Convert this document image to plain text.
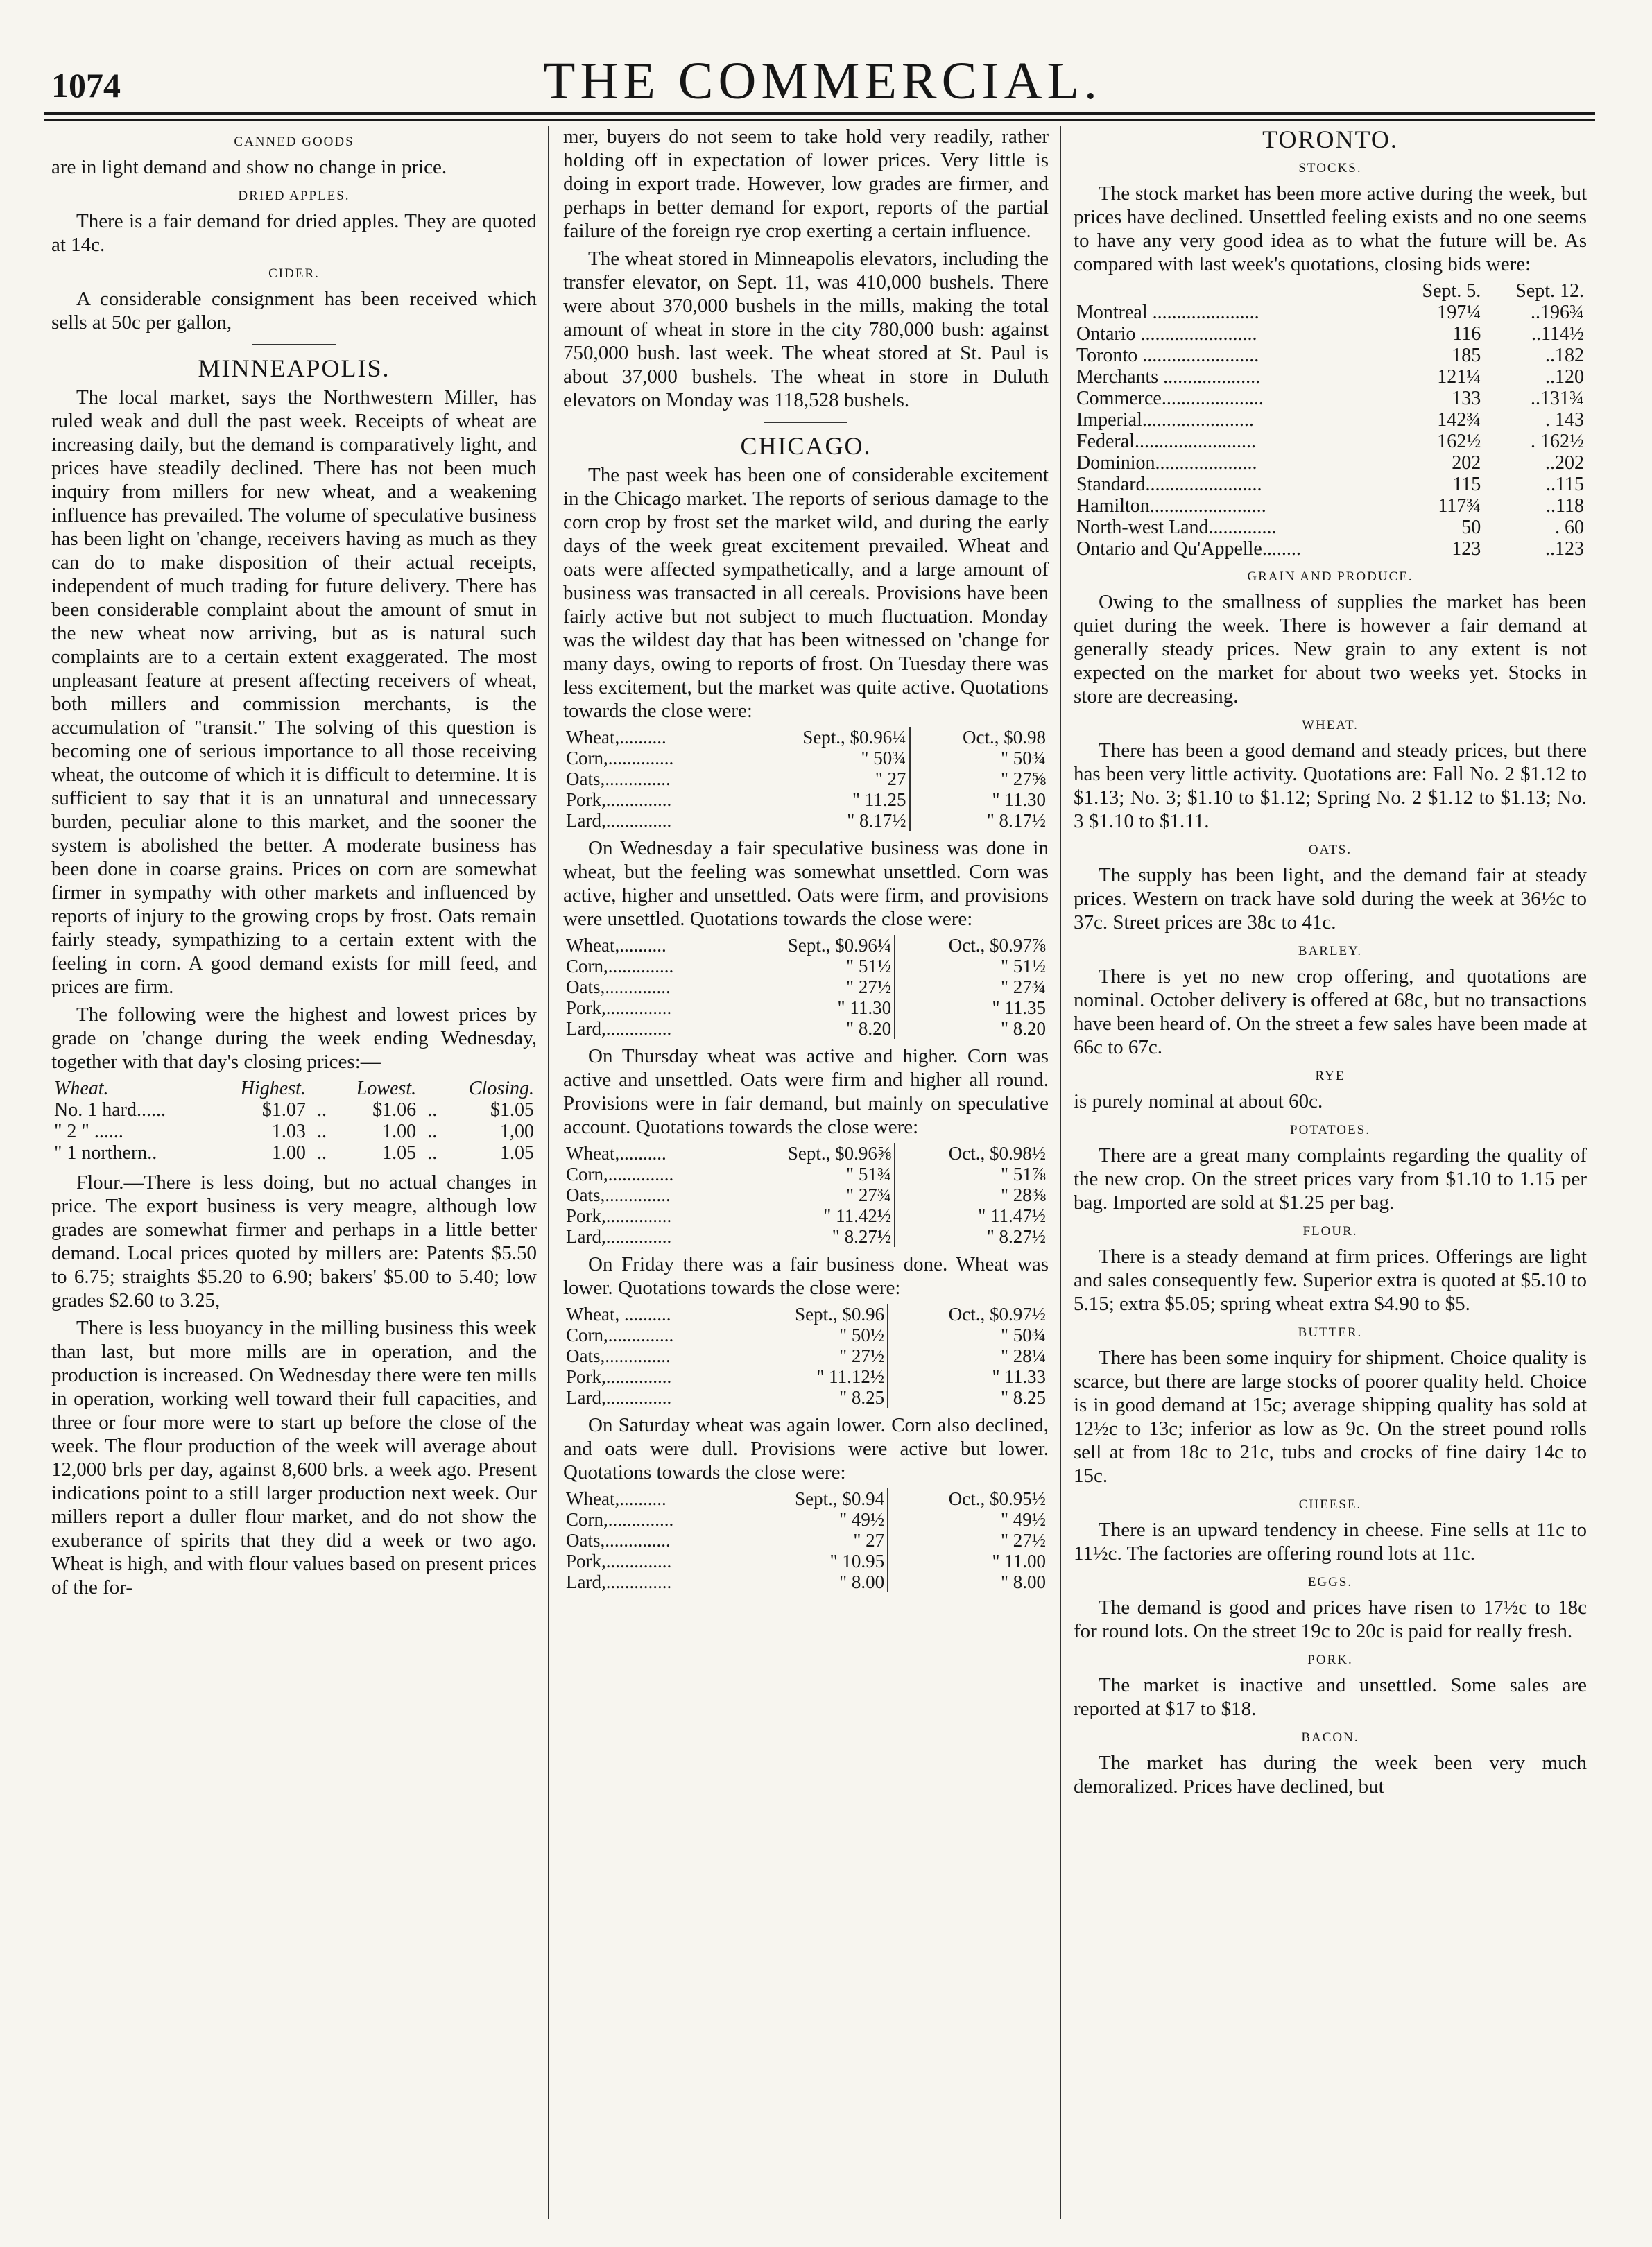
1074	THE COMMERCIAL.
CANNED GOODS

are in light demand and show no change in price.

DRIED APPLES.

There is a fair demand for dried apples. They are quoted at 14c.

CIDER.

A considerable consignment has been received which sells at 50c per gallon,

MINNEAPOLIS.

The local market, says the Northwestern Miller, has ruled weak and dull the past week. Receipts of wheat are increasing daily, but the demand is comparatively light, and prices have steadily declined. There has not been much inquiry from millers for new wheat, and a weakening influence has prevailed. The volume of speculative business has been light on 'change, receivers having as much as they can do to make disposition of their actual receipts, independent of much trading for future delivery. There has been considerable complaint about the amount of smut in the new wheat now arriving, but as is natural such complaints are to a certain extent exaggerated. The most unpleasant feature at present affecting receivers of wheat, both millers and commission merchants, is the accumulation of "transit." The solving of this question is becoming one of serious importance to all those receiving wheat, the outcome of which it is difficult to determine. It is sufficient to say that it is an unnatural and unnecessary burden, peculiar alone to this market, and the sooner the system is abolished the better. A moderate business has been done in coarse grains. Prices on corn are somewhat firmer in sympathy with other markets and influenced by reports of injury to the growing crops by frost. Oats remain fairly steady, sympathizing to a certain extent with the feeling in corn. A good demand exists for mill feed, and prices are firm.

The following were the highest and lowest prices by grade on 'change during the week ending Wednesday, together with that day's closing prices:—

Wheat.	Highest.		Lowest.		Closing.
No. 1 hard......	$1.07	..	$1.06	..	$1.05
" 2 " ......	1.03	..	1.00	..	1,00
" 1 northern..	1.00	..	1.05	..	1.05

Flour.—There is less doing, but no actual changes in price. The export business is very meagre, although low grades are somewhat firmer and perhaps in a little better demand. Local prices quoted by millers are: Patents $5.50 to 6.75; straights $5.20 to 6.90; bakers' $5.00 to 5.40; low grades $2.60 to 3.25,

There is less buoyancy in the milling business this week than last, but more mills are in operation, and the production is increased. On Wednesday there were ten mills in operation, working well toward their full capacities, and three or four more were to start up before the close of the week. The flour production of the week will average about 12,000 brls per day, against 8,600 brls. a week ago. Present indications point to a still larger production next week. Our millers report a duller flour market, and do not show the exuberance of spirits that they did a week or two ago. Wheat is high, and with flour values based on present prices of the for-

mer, buyers do not seem to take hold very readily, rather holding off in expectation of lower prices. Very little is doing in export trade. However, low grades are firmer, and perhaps in better demand for export, reports of the partial failure of the foreign rye crop exerting a certain influence.

The wheat stored in Minneapolis elevators, including the transfer elevator, on Sept. 11, was 410,000 bushels. There were about 370,000 bushels in the mills, making the total amount of wheat in store in the city 780,000 bush: against 750,000 bush. last week. The wheat stored at St. Paul is about 37,000 bushels. The wheat in store in Duluth elevators on Monday was 118,528 bushels.

CHICAGO.

The past week has been one of considerable excitement in the Chicago market. The reports of serious damage to the corn crop by frost set the market wild, and during the early days of the week great excitement prevailed. Wheat and oats were affected sympathetically, and a large amount of business was transacted in all cereals. Provisions have been fairly active but not subject to much fluctuation. Monday was the wildest day that has been witnessed on 'change for many days, owing to reports of frost. On Tuesday there was less excitement, but the market was quite active. Quotations towards the close were:

Wheat,..........	Sept., $0.96¼	Oct., $0.98
Corn,..............	" 50¾	" 50¾
Oats,..............	" 27	" 27⅝
Pork,..............	" 11.25	" 11.30
Lard,..............	" 8.17½	" 8.17½

On Wednesday a fair speculative business was done in wheat, but the feeling was somewhat unsettled. Corn was active, higher and unsettled. Oats were firm, and provisions were unsettled. Quotations towards the close were:

Wheat,..........	Sept., $0.96¼	Oct., $0.97⅞
Corn,..............	" 51½	" 51½
Oats,..............	" 27½	" 27¾
Pork,..............	" 11.30	" 11.35
Lard,..............	" 8.20	" 8.20

On Thursday wheat was active and higher. Corn was active and unsettled. Oats were firm and higher all round. Provisions were in fair demand, but mainly on speculative account. Quotations towards the close were:

Wheat,..........	Sept., $0.96⅝	Oct., $0.98½
Corn,..............	" 51¾	" 51⅞
Oats,..............	" 27¾	" 28⅜
Pork,..............	" 11.42½	" 11.47½
Lard,..............	" 8.27½	" 8.27½

On Friday there was a fair business done. Wheat was lower. Quotations towards the close were:

Wheat, ..........	Sept., $0.96	Oct., $0.97½
Corn,..............	" 50½	" 50¾
Oats,..............	" 27½	" 28¼
Pork,..............	" 11.12½	" 11.33
Lard,..............	" 8.25	" 8.25

On Saturday wheat was again lower. Corn also declined, and oats were dull. Provisions were active but lower. Quotations towards the close were:

Wheat,..........	Sept., $0.94	Oct., $0.95½
Corn,..............	" 49½	" 49½
Oats,..............	" 27	" 27½
Pork,..............	" 10.95	" 11.00
Lard,..............	" 8.00	" 8.00
TORONTO.
STOCKS.

The stock market has been more active during the week, but prices have declined. Unsettled feeling exists and no one seems to have any very good idea as to what the future will be. As compared with last week's quotations, closing bids were:

	Sept. 5.	Sept. 12.
Montreal ......................	197¼	..196¾
Ontario ........................	116	..114½
Toronto ........................	185	..182
Merchants ....................	121¼	..120
Commerce.....................	133	..131¾
Imperial.......................	142¾	. 143
Federal.........................	162½	. 162½
Dominion.....................	202	..202
Standard........................	115	..115
Hamilton........................	117¾	..118
North-west Land..............	50	. 60
Ontario and Qu'Appelle........	123	..123
GRAIN AND PRODUCE.

Owing to the smallness of supplies the market has been quiet during the week. There is however a fair demand at generally steady prices. New grain to any extent is not expected on the market for about two weeks yet. Stocks in store are decreasing.

WHEAT.

There has been a good demand and steady prices, but there has been very little activity. Quotations are: Fall No. 2 $1.12 to $1.13; No. 3; $1.10 to $1.12; Spring No. 2 $1.12 to $1.13; No. 3 $1.10 to $1.11.

OATS.

The supply has been light, and the demand fair at steady prices. Western on track have sold during the week at 36½c to 37c. Street prices are 38c to 41c.

BARLEY.

There is yet no new crop offering, and quotations are nominal. October delivery is offered at 68c, but no transactions have been heard of. On the street a few sales have been made at 66c to 67c.

RYE

is purely nominal at about 60c.

POTATOES.

There are a great many complaints regarding the quality of the new crop. On the street prices vary from $1.10 to 1.15 per bag. Imported are sold at $1.25 per bag.

FLOUR.

There is a steady demand at firm prices. Offerings are light and sales consequently few. Superior extra is quoted at $5.10 to 5.15; extra $5.05; spring wheat extra $4.90 to $5.

BUTTER.

There has been some inquiry for shipment. Choice quality is scarce, but there are large stocks of poorer quality held. Choice is in good demand at 15c; average shipping quality has sold at 12½c to 13c; inferior as low as 9c. On the street pound rolls sell at from 18c to 21c, tubs and crocks of fine dairy 14c to 15c.

CHEESE.

There is an upward tendency in cheese. Fine sells at 11c to 11½c. The factories are offering round lots at 11c.

EGGS.

The demand is good and prices have risen to 17½c to 18c for round lots. On the street 19c to 20c is paid for really fresh.

PORK.

The market is inactive and unsettled. Some sales are reported at $17 to $18.

BACON.

The market has during the week been very much demoralized. Prices have declined, but
